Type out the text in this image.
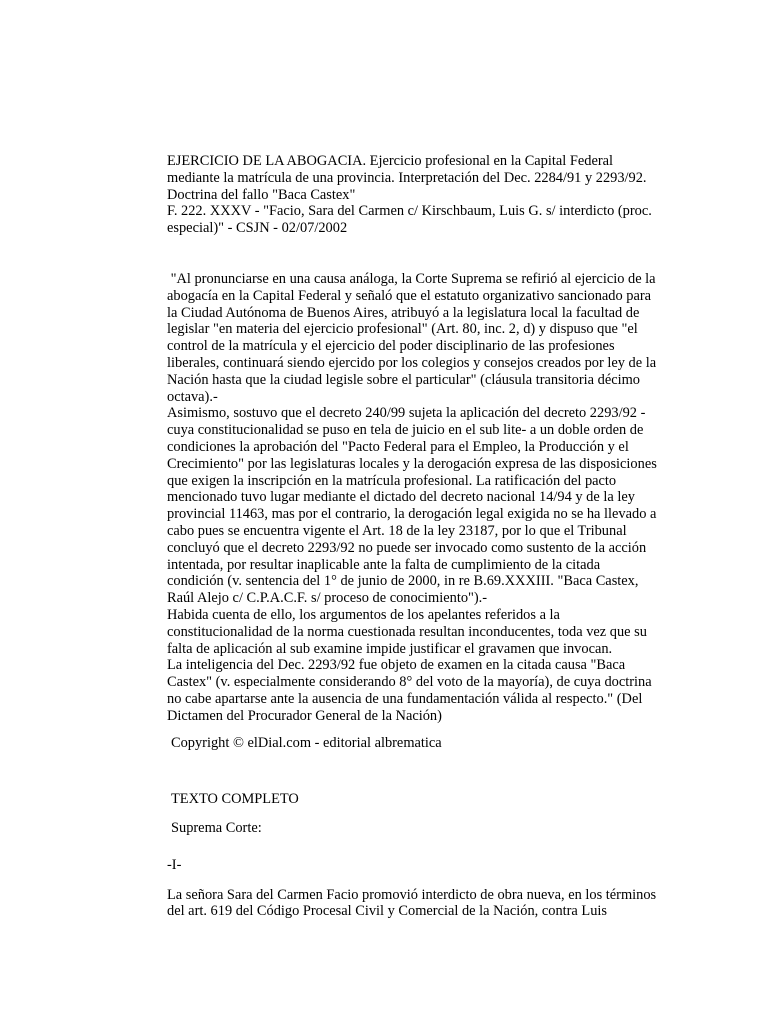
EJERCICIO DE LA ABOGACIA. Ejercicio profesional en la Capital Federal

mediante la matrícula de una provincia. Interpretación del Dec. 2284/91 y 2293/92.

Doctrina del fallo "Baca Castex"

F. 222. XXXV - "Facio, Sara del Carmen c/ Kirschbaum, Luis G. s/ interdicto (proc.

especial)" - CSJN - 02/07/2002

"Al pronunciarse en una causa análoga, la Corte Suprema se refirió al ejercicio de la

abogacía en la Capital Federal y señaló que el estatuto organizativo sancionado para

la Ciudad Autónoma de Buenos Aires, atribuyó a la legislatura local la facultad de

legislar "en materia del ejercicio profesional" (Art. 80, inc. 2, d) y dispuso que "el

control de la matrícula y el ejercicio del poder disciplinario de las profesiones

liberales, continuará siendo ejercido por los colegios y consejos creados por ley de la

Nación hasta que la ciudad legisle sobre el particular" (cláusula transitoria décimo

octava).-

Asimismo, sostuvo que el decreto 240/99 sujeta la aplicación del decreto 2293/92 -

cuya constitucionalidad se puso en tela de juicio en el sub lite- a un doble orden de

condiciones la aprobación del "Pacto Federal para el Empleo, la Producción y el

Crecimiento" por las legislaturas locales y la derogación expresa de las disposiciones

que exigen la inscripción en la matrícula profesional. La ratificación del pacto

mencionado tuvo lugar mediante el dictado del decreto nacional 14/94 y de la ley

provincial 11463, mas por el contrario, la derogación legal exigida no se ha llevado a

cabo pues se encuentra vigente el Art. 18 de la ley 23187, por lo que el Tribunal

concluyó que el decreto 2293/92 no puede ser invocado como sustento de la acción

intentada, por resultar inaplicable ante la falta de cumplimiento de la citada

condición (v. sentencia del 1° de junio de 2000, in re B.69.XXXIII. "Baca Castex,

Raúl Alejo c/ C.P.A.C.F. s/ proceso de conocimiento").-

Habida cuenta de ello, los argumentos de los apelantes referidos a la

constitucionalidad de la norma cuestionada resultan inconducentes, toda vez que su

falta de aplicación al sub examine impide justificar el gravamen que invocan.

La inteligencia del Dec. 2293/92 fue objeto de examen en la citada causa "Baca

Castex" (v. especialmente considerando 8° del voto de la mayoría), de cuya doctrina

no cabe apartarse ante la ausencia de una fundamentación válida al respecto." (Del

Dictamen del Procurador General de la Nación)

Copyright © elDial.com - editorial albrematica

TEXTO COMPLETO

Suprema Corte:

-I-

La señora Sara del Carmen Facio promovió interdicto de obra nueva, en los términos

del art. 619 del Código Procesal Civil y Comercial de la Nación, contra Luis
